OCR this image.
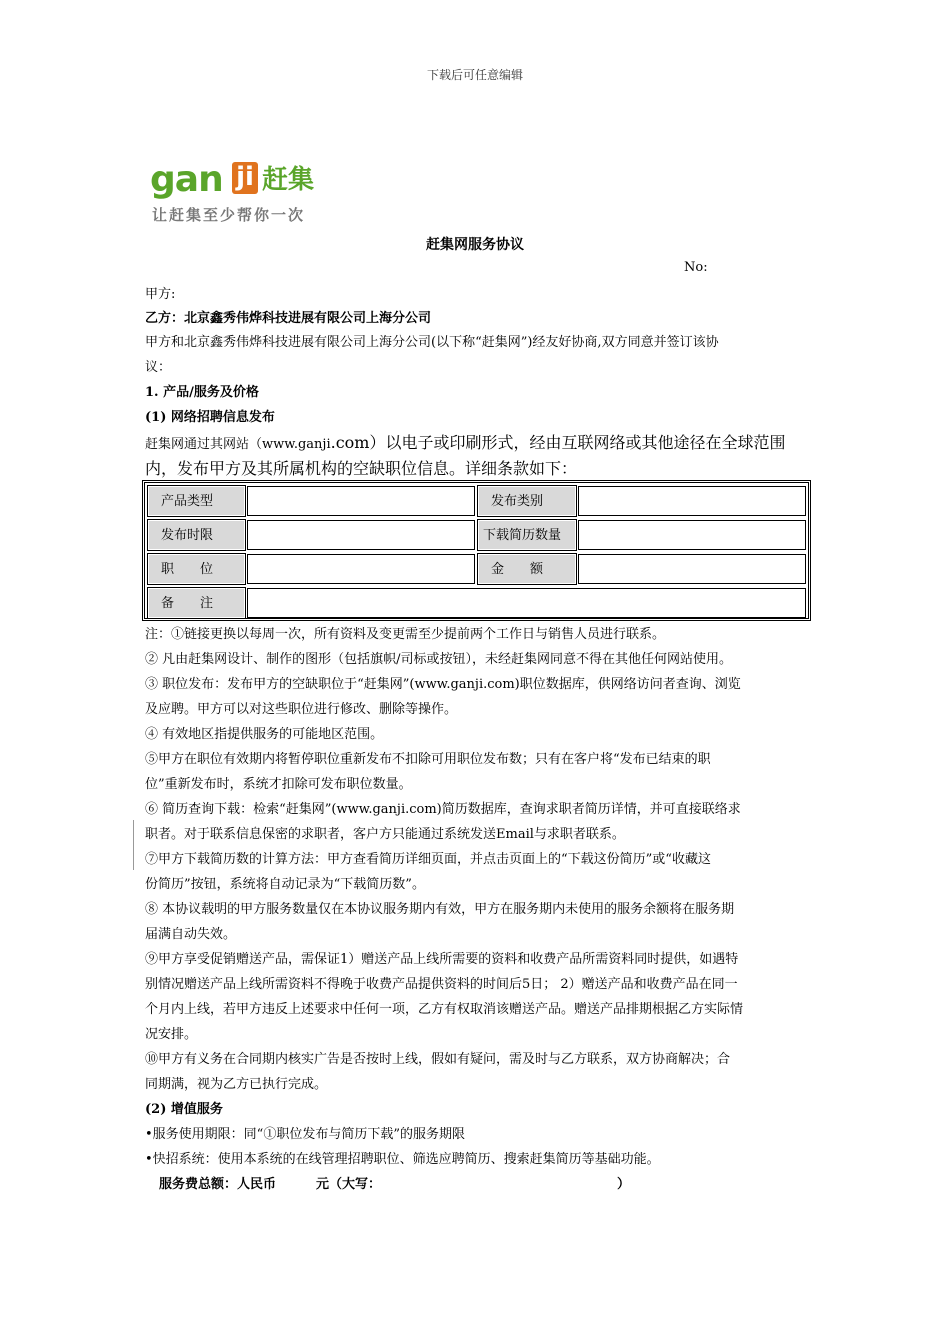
下载后可任意编辑
gan ji 赶集
让赶集至少帮你一次
赶集网服务协议
No:
甲方:
乙方：北京鑫秀伟烨科技进展有限公司上海分公司
甲方和北京鑫秀伟烨科技进展有限公司上海分公司(以下称“赶集网”)经友好协商,双方同意并签订该协
议：
1. 产品/服务及价格
(1) 网络招聘信息发布
赶集网通过其网站（www.ganji.com）以电子或印刷形式，经由互联网络或其他途径在全球范围
内，发布甲方及其所属机构的空缺职位信息。详细条款如下：
产品类型	发布类别
发布时限	下载简历数量
职　　位	金　　额
备　　注
注：①链接更换以每周一次，所有资料及变更需至少提前两个工作日与销售人员进行联系。
② 凡由赶集网设计、制作的图形（包括旗帜/司标或按钮），未经赶集网同意不得在其他任何网站使用。
③ 职位发布：发布甲方的空缺职位于“赶集网”(www.ganji.com)职位数据库，供网络访问者查询、浏览
及应聘。甲方可以对这些职位进行修改、删除等操作。
④ 有效地区指提供服务的可能地区范围。
⑤甲方在职位有效期内将暂停职位重新发布不扣除可用职位发布数；只有在客户将“发布已结束的职
位”重新发布时，系统才扣除可发布职位数量。
⑥ 简历查询下载：检索“赶集网”(www.ganji.com)简历数据库，查询求职者简历详情，并可直接联络求
职者。对于联系信息保密的求职者，客户方只能通过系统发送Email与求职者联系。
⑦甲方下载简历数的计算方法：甲方查看简历详细页面，并点击页面上的“下载这份简历”或“收藏这
份简历”按钮，系统将自动记录为“下载简历数”。
⑧ 本协议载明的甲方服务数量仅在本协议服务期内有效，甲方在服务期内未使用的服务余额将在服务期
届满自动失效。
⑨甲方享受促销赠送产品，需保证1）赠送产品上线所需要的资料和收费产品所需资料同时提供，如遇特
别情况赠送产品上线所需资料不得晚于收费产品提供资料的时间后5日； 2）赠送产品和收费产品在同一
个月内上线，若甲方违反上述要求中任何一项，乙方有权取消该赠送产品。赠送产品排期根据乙方实际情
况安排。
⑩甲方有义务在合同期内核实广告是否按时上线，假如有疑问，需及时与乙方联系，双方协商解决；合
同期满，视为乙方已执行完成。
(2) 增值服务
•服务使用期限：同“①职位发布与简历下载”的服务期限
•快招系统：使用本系统的在线管理招聘职位、筛选应聘简历、搜索赶集简历等基础功能。
服务费总额：人民币	元（大写：	）
